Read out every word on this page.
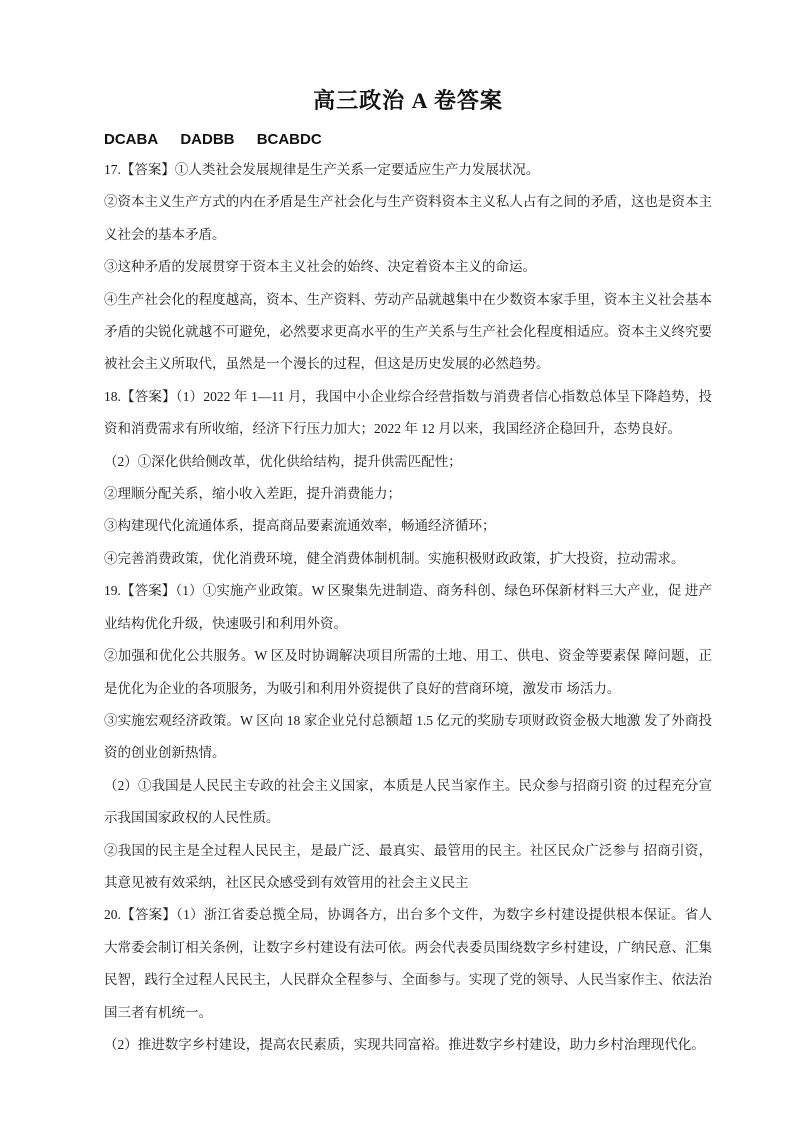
高三政治 A 卷答案
DCABA DADBB BCABDC

17.【答案】①人类社会发展规律是生产关系一定要适应生产力发展状况。

②资本主义生产方式的内在矛盾是生产社会化与生产资料资本主义私人占有之间的矛盾，这也是资本主义社会的基本矛盾。

③这种矛盾的发展贯穿于资本主义社会的始终、决定着资本主义的命运。

④生产社会化的程度越高，资本、生产资料、劳动产品就越集中在少数资本家手里，资本主义社会基本矛盾的尖锐化就越不可避免，必然要求更高水平的生产关系与生产社会化程度相适应。资本主义终究要被社会主义所取代，虽然是一个漫长的过程，但这是历史发展的必然趋势。

18.【答案】（1）2022 年 1—11 月，我国中小企业综合经营指数与消费者信心指数总体呈下降趋势，投资和消费需求有所收缩，经济下行压力加大；2022 年 12 月以来，我国经济企稳回升，态势良好。

（2）①深化供给侧改革，优化供给结构，提升供需匹配性；

②理顺分配关系，缩小收入差距，提升消费能力；

③构建现代化流通体系，提高商品要素流通效率，畅通经济循环；

④完善消费政策，优化消费环境，健全消费体制机制。实施积极财政政策，扩大投资，拉动需求。

19.【答案】（1）①实施产业政策。W 区聚集先进制造、商务科创、绿色环保新材料三大产业，促 进产业结构优化升级，快速吸引和利用外资。

②加强和优化公共服务。W 区及时协调解决项目所需的土地、用工、供电、资金等要素保 障问题，正是优化为企业的各项服务，为吸引和利用外资提供了良好的营商环境，激发市 场活力。

③实施宏观经济政策。W 区向 18 家企业兑付总额超 1.5 亿元的奖励专项财政资金极大地激 发了外商投资的创业创新热情。

（2）①我国是人民民主专政的社会主义国家，本质是人民当家作主。民众参与招商引资 的过程充分宣示我国国家政权的人民性质。

②我国的民主是全过程人民民主，是最广泛、最真实、最管用的民主。社区民众广泛参与 招商引资，其意见被有效采纳，社区民众感受到有效管用的社会主义民主

20.【答案】（1）浙江省委总揽全局，协调各方，出台多个文件，为数字乡村建设提供根本保证。省人大常委会制订相关条例，让数字乡村建设有法可依。两会代表委员围绕数字乡村建设，广纳民意、汇集民智，践行全过程人民民主，人民群众全程参与、全面参与。实现了党的领导、人民当家作主、依法治国三者有机统一。

（2）推进数字乡村建设，提高农民素质，实现共同富裕。推进数字乡村建设，助力乡村治理现代化。
